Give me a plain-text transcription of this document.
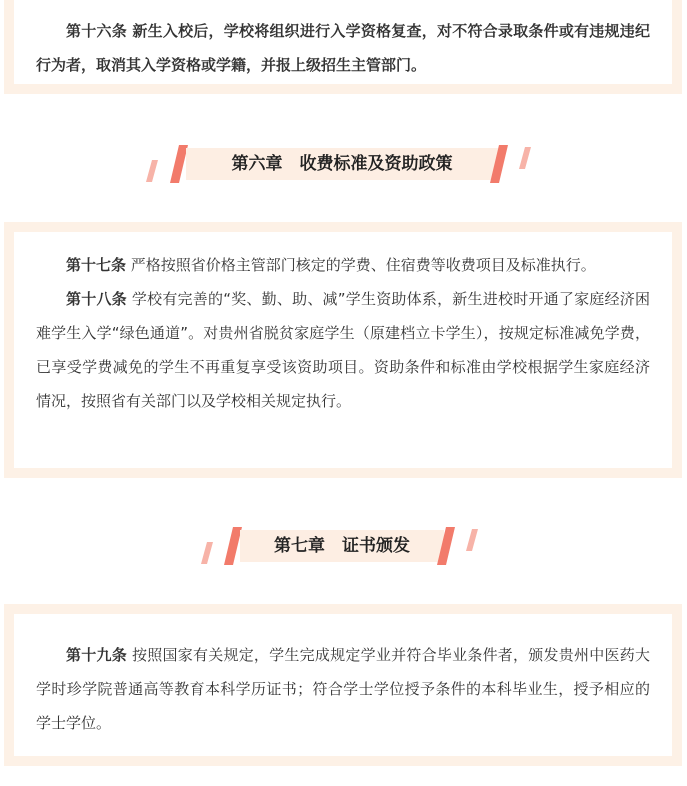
第十六条 新生入校后，学校将组织进行入学资格复查，对不符合录取条件或有违规违纪行为者，取消其入学资格或学籍，并报上级招生主管部门。

第六章　收费标准及资助政策

第十七条 严格按照省价格主管部门核定的学费、住宿费等收费项目及标准执行。

第十八条 学校有完善的“奖、勤、助、减”学生资助体系，新生进校时开通了家庭经济困难学生入学“绿色通道”。对贵州省脱贫家庭学生（原建档立卡学生），按规定标准减免学费，已享受学费减免的学生不再重复享受该资助项目。资助条件和标准由学校根据学生家庭经济情况，按照省有关部门以及学校相关规定执行。

第七章　证书颁发

第十九条 按照国家有关规定，学生完成规定学业并符合毕业条件者，颁发贵州中医药大学时珍学院普通高等教育本科学历证书；符合学士学位授予条件的本科毕业生，授予相应的学士学位。
